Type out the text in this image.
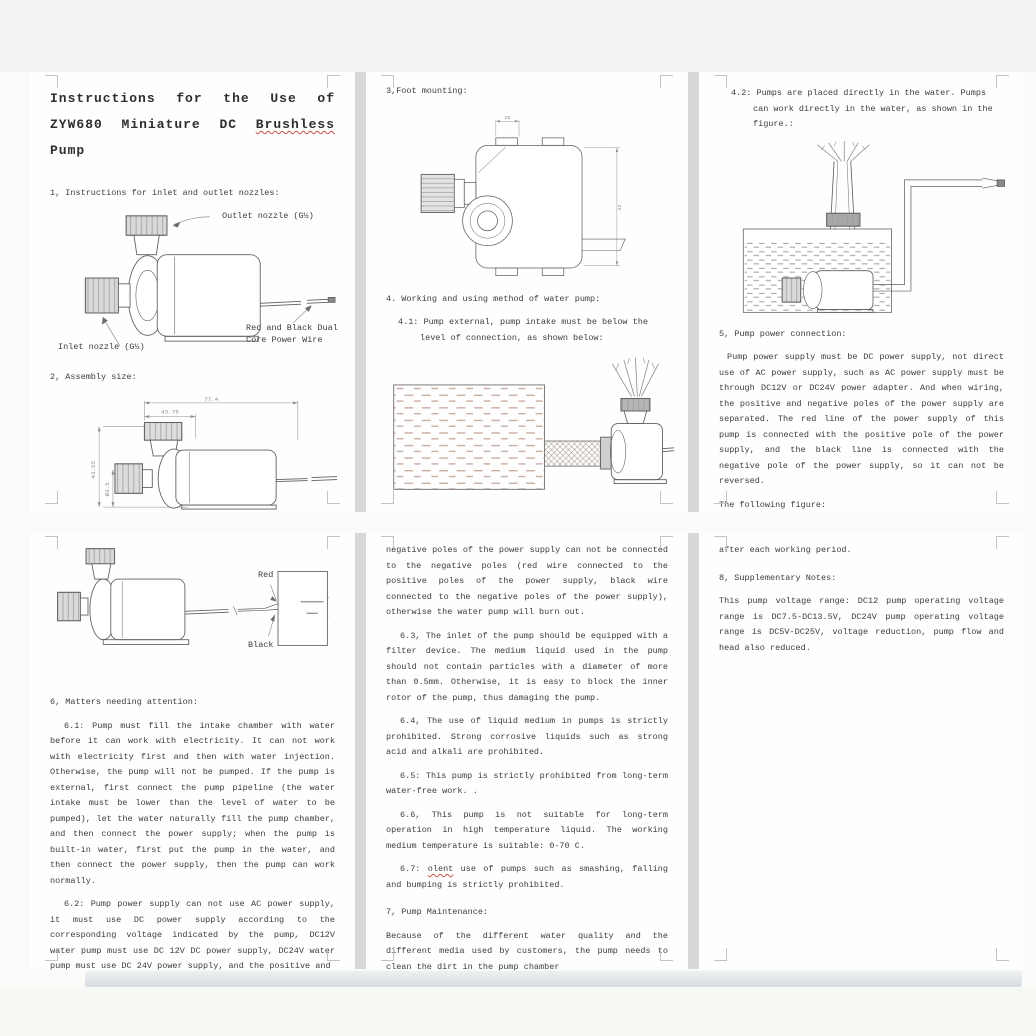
Instructions for the Use of ZYW680 Miniature DC Brushless Pump

1, Instructions for inlet and outlet nozzles:

Outlet nozzle (G½)
Inlet nozzle (G½)
Red and Black Dual Core Power Wire

2, Assembly size:

77.4
43.75
43.55
Ø3.5

3,Foot mounting:

25
42

4. Working and using method of water pump:

4.1: Pump external, pump intake must be below the level of connection, as shown below:

4.2: Pumps are placed directly in the water. Pumps can work directly in the water, as shown in the figure.:

5, Pump power connection:

Pump power supply must be DC power supply, not direct use of AC power supply, such as AC power supply must be through DC12V or DC24V power adapter. And when wiring, the positive and negative poles of the power supply are separated. The red line of the power supply of this pump is connected with the positive pole of the power supply, and the black line is connected with the negative pole of the power supply, so it can not be reversed.

The following figure:

+
-
Red
Black

6, Matters needing attention:

6.1: Pump must fill the intake chamber with water before it can work with electricity. It can not work with electricity first and then with water injection. Otherwise, the pump will not be pumped. If the pump is external, first connect the pump pipeline (the water intake must be lower than the level of water to be pumped), let the water naturally fill the pump chamber, and then connect the power supply; when the pump is built-in water, first put the pump in the water, and then connect the power supply, then the pump can work normally.

6.2: Pump power supply can not use AC power supply, it must use DC power supply according to the corresponding voltage indicated by the pump, DC12V water pump must use DC 12V DC power supply, DC24V water pump must use DC 24V power supply, and the positive and

negative poles of the power supply can not be connected to the negative poles (red wire connected to the positive poles of the power supply, black wire connected to the negative poles of the power supply), otherwise the water pump will burn out.

6.3, The inlet of the pump should be equipped with a filter device. The medium liquid used in the pump should not contain particles with a diameter of more than 0.5mm. Otherwise, it is easy to block the inner rotor of the pump, thus damaging the pump.

6.4, The use of liquid medium in pumps is strictly prohibited. Strong corrosive liquids such as strong acid and alkali are prohibited.

6.5: This pump is strictly prohibited from long-term water-free work. .

6.6, This pump is not suitable for long-term operation in high temperature liquid. The working medium temperature is suitable: 0-70 C.

6.7: olent use of pumps such as smashing, falling and bumping is strictly prohibited.

7, Pump Maintenance:

Because of the different water quality and the different media used by customers, the pump needs to clean the dirt in the pump chamber

after each working period.

8, Supplementary Notes:

This pump voltage range: DC12 pump operating voltage range is DC7.5-DC13.5V, DC24V pump operating voltage range is DC5V-DC25V, voltage reduction, pump flow and head also reduced.
